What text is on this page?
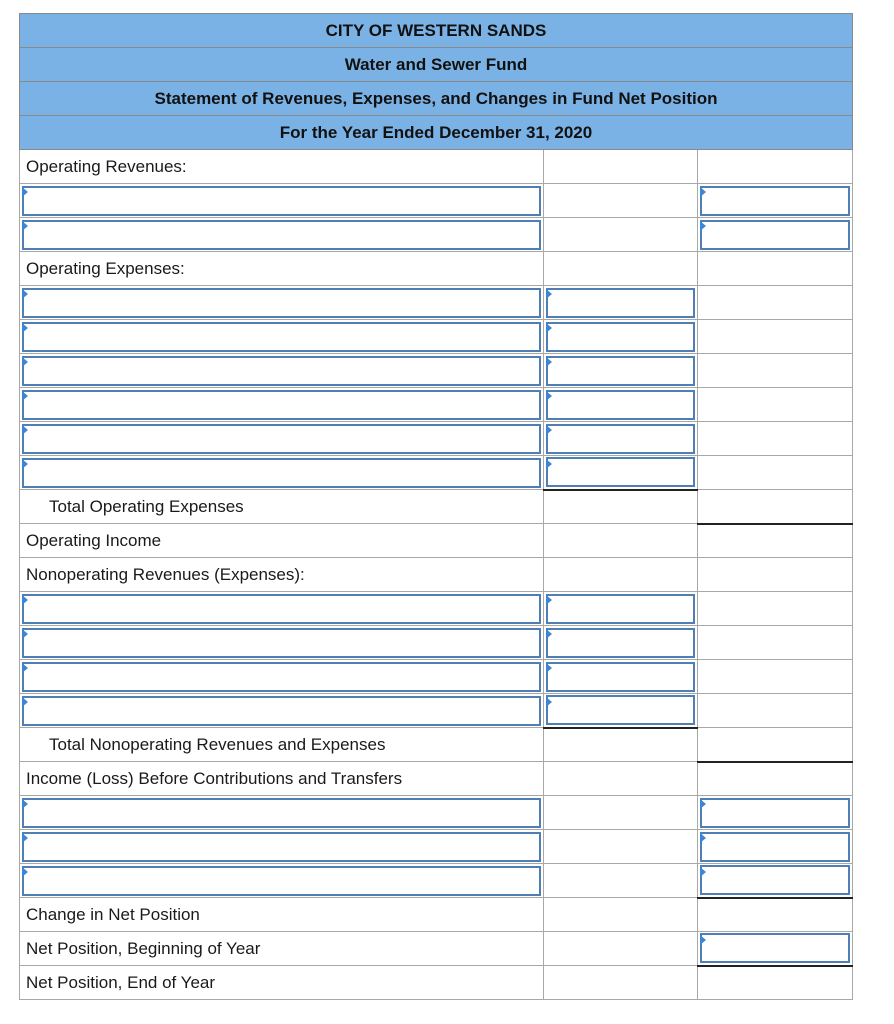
CITY OF WESTERN SANDS		
Water and Sewer Fund		
Statement of Revenues, Expenses, and Changes in Fund Net Position		
For the Year Ended December 31, 2020		
Operating Revenues:		

Operating Expenses:		

Total Operating Expenses		
Operating Income		
Nonoperating Revenues (Expenses):		

Total Nonoperating Revenues and Expenses		
Income (Loss) Before Contributions and Transfers		

Change in Net Position		
Net Position, Beginning of Year		

Net Position, End of Year		
